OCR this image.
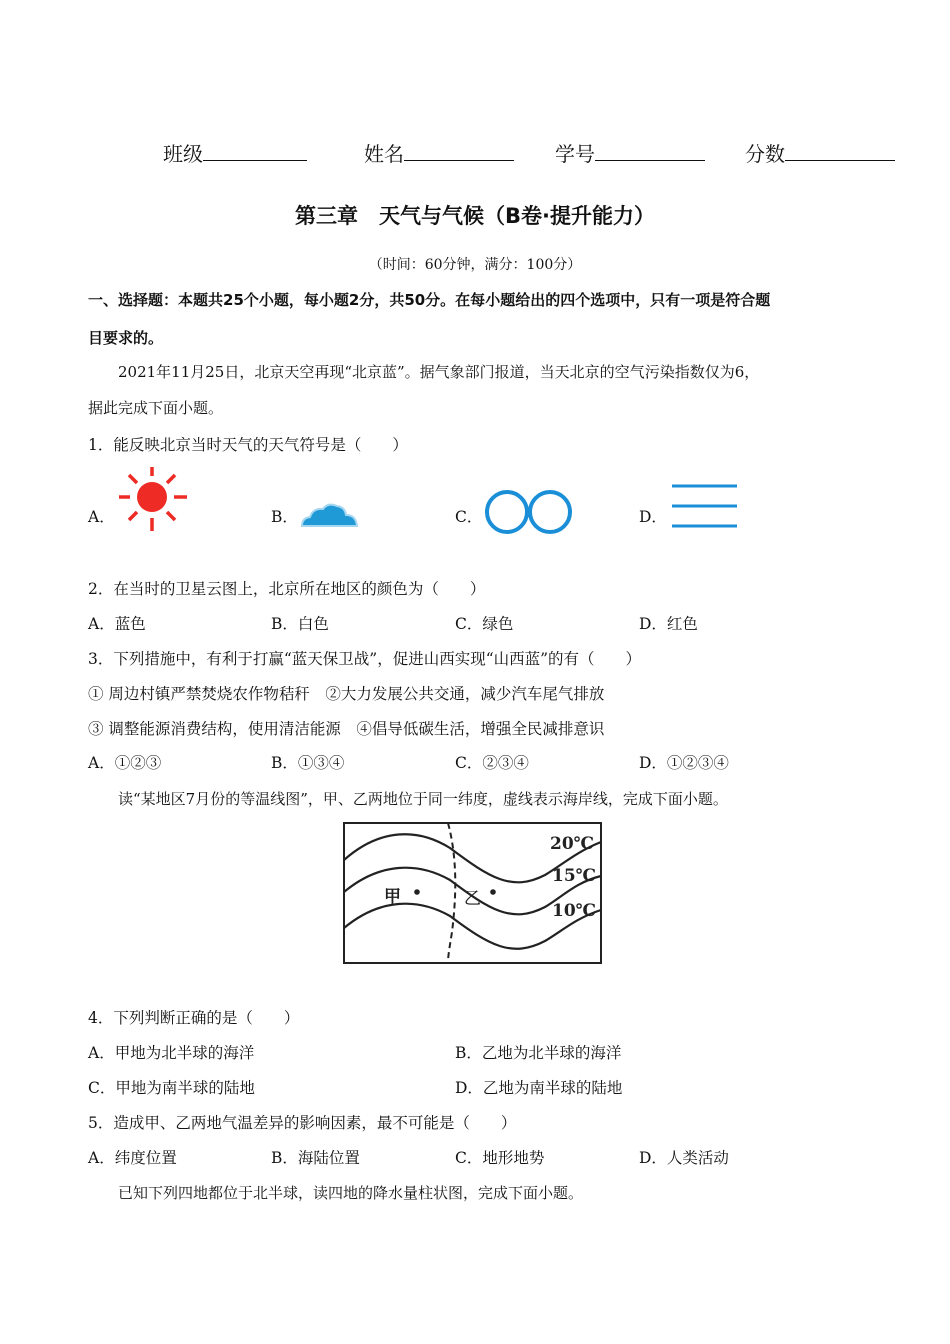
班级	姓名	学号	分数
第三章　天气与气候（B卷·提升能力）
（时间：60分钟，满分：100分）
一、选择题：本题共25个小题，每小题2分，共50分。在每小题给出的四个选项中，只有一项是符合题
目要求的。
2021年11月25日，北京天空再现“北京蓝”。据气象部门报道，当天北京的空气污染指数仅为6，
据此完成下面小题。
1．能反映北京当时天气的天气符号是（　　）
A．	B．	C．	D．
2．在当时的卫星云图上，北京所在地区的颜色为（　　）
A．蓝色	B．白色	C．绿色	D．红色
3．下列措施中，有利于打赢“蓝天保卫战”，促进山西实现“山西蓝”的有（　　）
① 周边村镇严禁焚烧农作物秸秆　②大力发展公共交通，减少汽车尾气排放
③ 调整能源消费结构，使用清洁能源　④倡导低碳生活，增强全民减排意识
A．①②③	B．①③④	C．②③④	D．①②③④
读“某地区7月份的等温线图”，甲、乙两地位于同一纬度，虚线表示海岸线，完成下面小题。
20℃
15℃
10℃
甲	乙
4．下列判断正确的是（　　）
A．甲地为北半球的海洋	B．乙地为北半球的海洋
C．甲地为南半球的陆地	D．乙地为南半球的陆地
5．造成甲、乙两地气温差异的影响因素，最不可能是（　　）
A．纬度位置	B．海陆位置	C．地形地势	D．人类活动
已知下列四地都位于北半球，读四地的降水量柱状图，完成下面小题。
